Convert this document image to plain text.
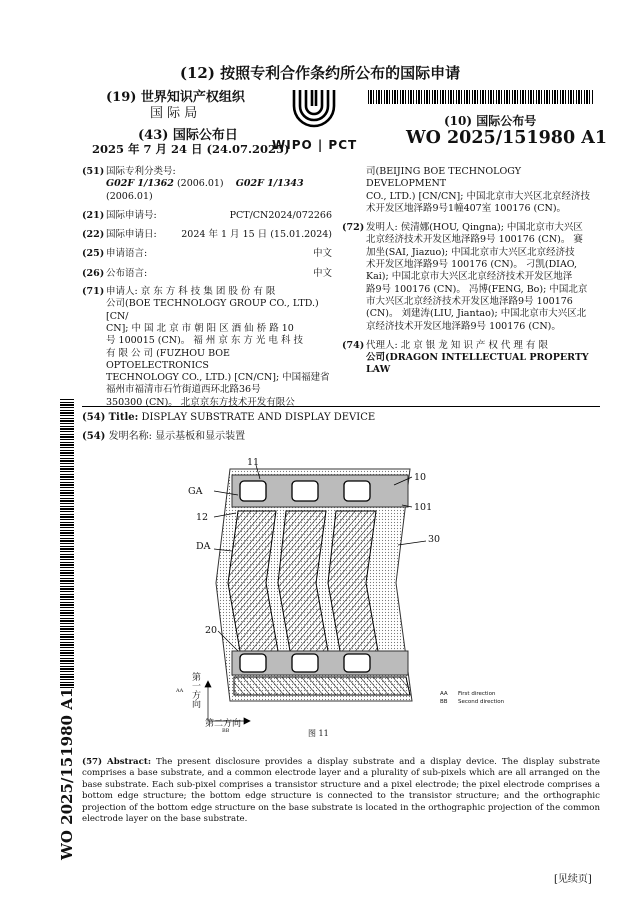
(12) 按照专利合作条约所公布的国际申请
(19) 世界知识产权组织
国 际 局
WIPO | PCT
(43) 国际公布日
2025 年 7 月 24 日 (24.07.2025)
(10) 国际公布号
WO 2025/151980 A1
(51) 国际专利分类号:
G02F 1/1362 (2006.01) G02F 1/1343 (2006.01)
(21) 国际申请号:	PCT/CN2024/072266
(22) 国际申请日:	2024 年 1 月 15 日 (15.01.2024)
(25) 申请语言:	中文
(26) 公布语言:	中文
(71) 申请人: 京 东 方 科 技 集 团 股 份 有 限
公司(BOE TECHNOLOGY GROUP CO., LTD.) [CN/
CN]; 中 国 北 京 市 朝 阳 区 酒 仙 桥 路 10
号 100015 (CN)。 福 州 京 东 方 光 电 科 技
有 限 公 司 (FUZHOU BOE OPTOELECTRONICS
TECHNOLOGY CO., LTD.) [CN/CN]; 中国福建省
福州市福清市石竹街道西环北路36号
350300 (CN)。 北京京东方技术开发有限公
司(BEIJING BOE TECHNOLOGY DEVELOPMENT
CO., LTD.) [CN/CN]; 中国北京市大兴区北京经济技
术开发区地泽路9号1幢407室 100176 (CN)。
(72) 发明人: 侯清娜(HOU, Qingna); 中国北京市大兴区
北京经济技术开发区地泽路9号 100176 (CN)。 赛
加坐(SAI, Jiazuo); 中国北京市大兴区北京经济技
术开发区地泽路9号 100176 (CN)。 刁凯(DIAO,
Kai); 中国北京市大兴区北京经济技术开发区地泽
路9号 100176 (CN)。 冯博(FENG, Bo); 中国北京
市大兴区北京经济技术开发区地泽路9号 100176
(CN)。 刘建涛(LIU, Jiantao); 中国北京市大兴区北
京经济技术开发区地泽路9号 100176 (CN)。
(74) 代理人: 北 京 银 龙 知 识 产 权 代 理 有 限
公司(DRAGON INTELLECTUAL PROPERTY LAW
(54) Title: DISPLAY SUBSTRATE AND DISPLAY DEVICE
(54) 发明名称: 显示基板和显示装置
11
10
GA
101
12
30
DA
20
第一方向
AA
第二方向
BB	图 11
AA First direction
BB Second direction
(57) Abstract: The present disclosure provides a display substrate and a display device. The display substrate comprises a base substrate, and a common electrode layer and a plurality of sub-pixels which are all arranged on the base substrate. Each sub-pixel comprises a transistor structure and a pixel electrode; the pixel electrode comprises a bottom edge structure; the bottom edge structure is connected to the transistor structure; and the orthographic projection of the bottom edge structure on the base substrate is located in the orthographic projection of the common electrode layer on the base substrate.
WO 2025/151980 A1
[见续页]
